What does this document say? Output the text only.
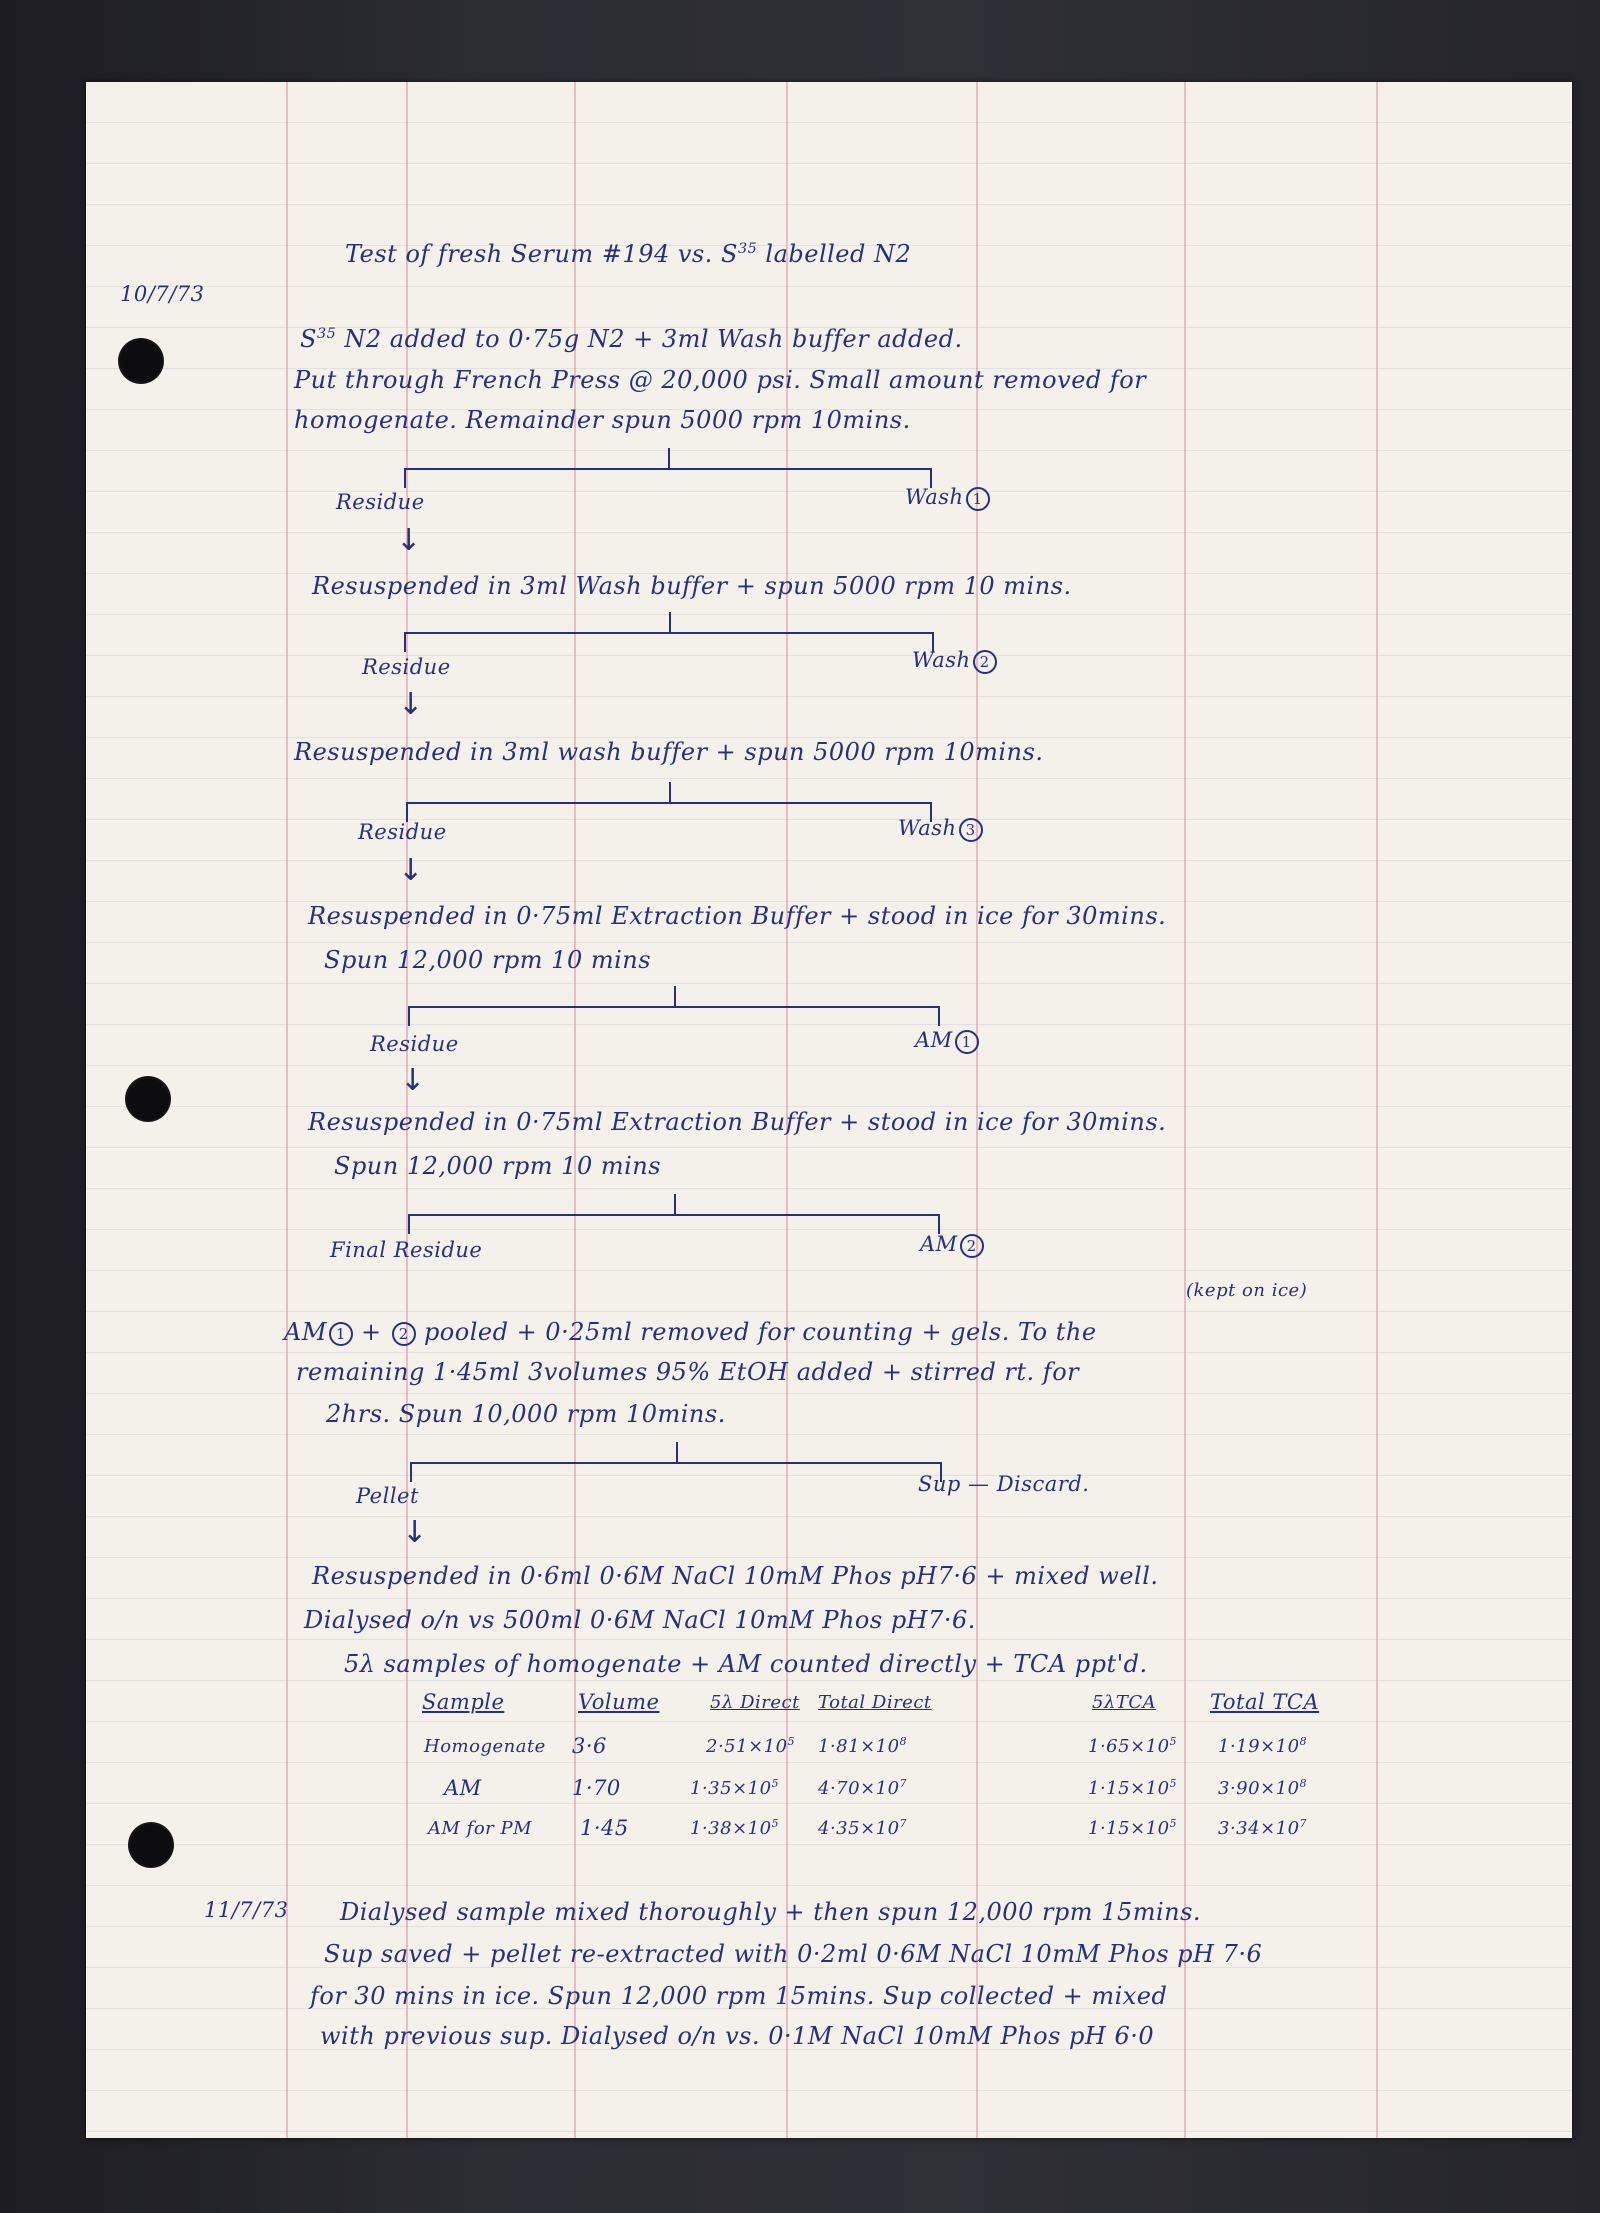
10/7/73
Test of fresh Serum #194 vs. $S^{35}$ labelled N2
$S^{35}$ N2 added to 0·75g N2 + 3ml Wash buffer added.
Put through French Press @ 20,000 psi. Small amount removed for
homogenate. Remainder spun 5000 rpm 10mins.
Residue	Wash 1
↓
Resuspended in 3ml Wash buffer + spun 5000 rpm 10 mins.
Residue	Wash 2
↓
Resuspended in 3ml wash buffer + spun 5000 rpm 10mins.
Residue	Wash 3
↓
Resuspended in 0·75ml Extraction Buffer + stood in ice for 30mins.
Spun 12,000 rpm 10 mins
Residue	AM 1
↓
Resuspended in 0·75ml Extraction Buffer + stood in ice for 30mins.
Spun 12,000 rpm 10 mins
Final Residue	AM 2
(kept on ice)
AM 1 + 2 pooled + 0·25ml removed for counting + gels. To the
remaining 1·45ml 3volumes 95% EtOH added + stirred rt. for
2hrs. Spun 10,000 rpm 10mins.
Pellet	Sup — Discard.
↓
Resuspended in 0·6ml 0·6M NaCl 10mM Phos pH7·6 + mixed well.
Dialysed o/n vs 500ml 0·6M NaCl 10mM Phos pH7·6.
5λ samples of homogenate + AM counted directly + TCA ppt'd.
Sample	Volume	5λ Direct Total Direct	5λTCA	Total TCA
Homogenate 3·6	$2\cdot 51\times 10^5$ $1\cdot 81\times 10^8$	$1\cdot 65\times 10^5$ $1\cdot 19\times 10^8$
AM	1·70	$1\cdot 35\times 10^5$ $4\cdot 70\times 10^7$	$1\cdot 15\times 10^5$ $3\cdot 90\times 10^8$
AM for PM 1·45	$1\cdot 38\times 10^5$ $4\cdot 35\times 10^7$	$1\cdot 15\times 10^5$ $3\cdot 34\times 10^7$
11/7/73 Dialysed sample mixed thoroughly + then spun 12,000 rpm 15mins.
Sup saved + pellet re-extracted with 0·2ml 0·6M NaCl 10mM Phos pH 7·6
for 30 mins in ice. Spun 12,000 rpm 15mins. Sup collected + mixed
with previous sup. Dialysed o/n vs. 0·1M NaCl 10mM Phos pH 6·0
